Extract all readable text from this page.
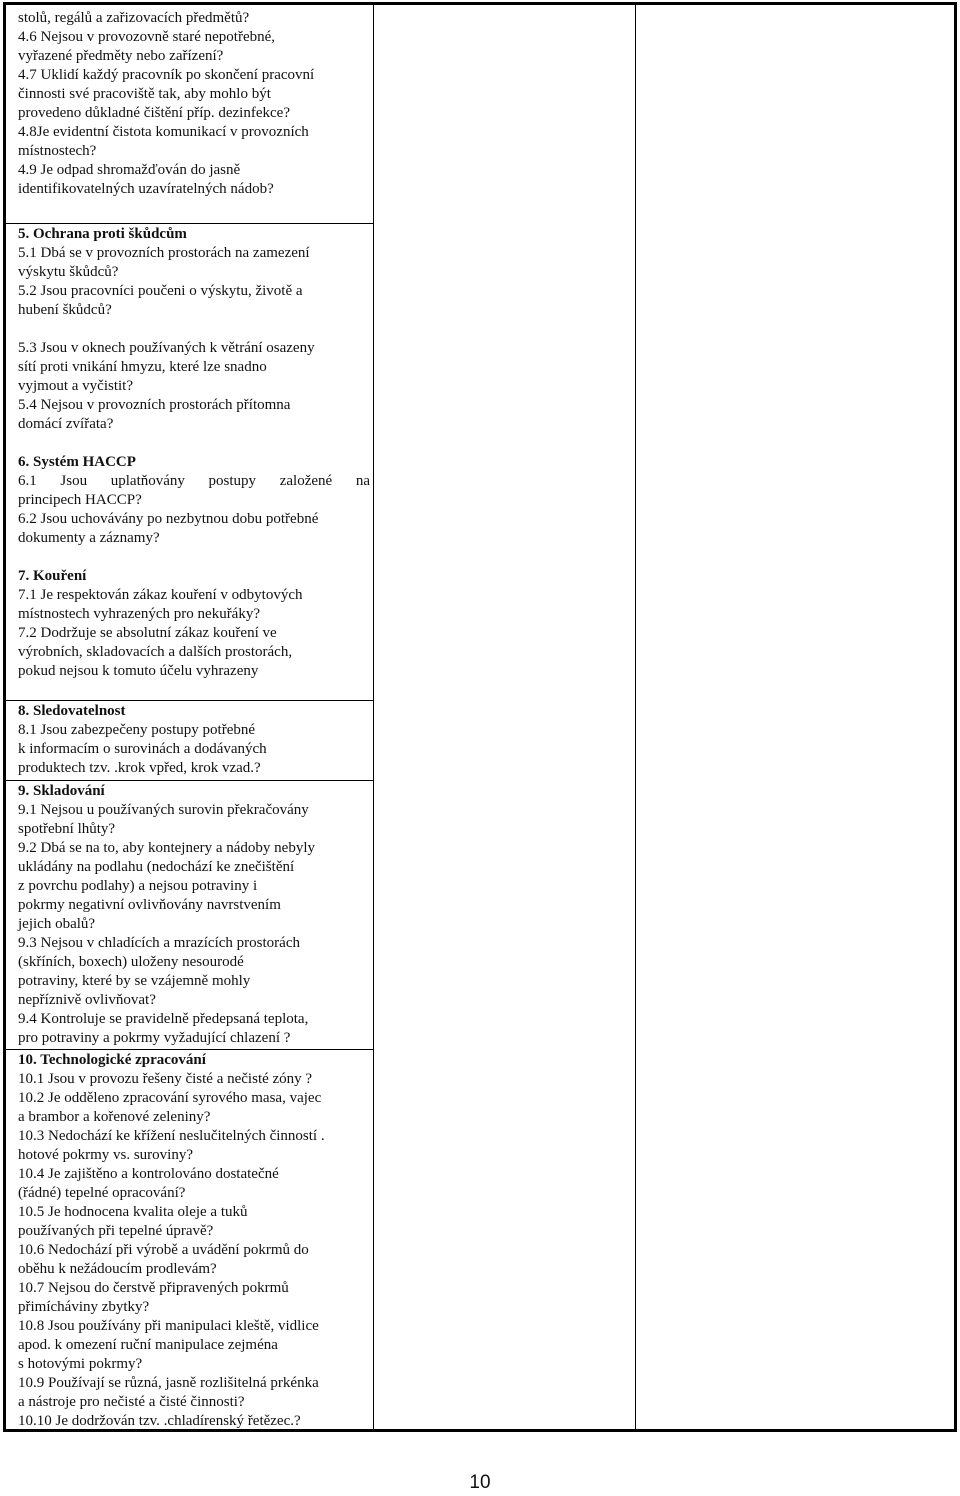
stolů, regálů a zařizovacích předmětů?

4.6 Nejsou v provozovně staré nepotřebné,

vyřazené předměty nebo zařízení?

4.7 Uklidí každý pracovník po skončení pracovní

činnosti své pracoviště tak, aby mohlo být

provedeno důkladné čištění příp. dezinfekce?

4.8Je evidentní čistota komunikací v provozních

místnostech?

4.9 Je odpad shromažďován do jasně

identifikovatelných uzavíratelných nádob?

5. Ochrana proti škůdcům

5.1 Dbá se v provozních prostorách na zamezení

výskytu škůdců?

5.2 Jsou pracovníci poučeni o výskytu, životě a

hubení škůdců?

5.3 Jsou v oknech používaných k větrání osazeny

sítí proti vnikání hmyzu, které lze snadno

vyjmout a vyčistit?

5.4 Nejsou v provozních prostorách přítomna

domácí zvířata?

6. Systém HACCP

6.1 Jsou uplatňovány postupy založené na

principech HACCP?

6.2 Jsou uchovávány po nezbytnou dobu potřebné

dokumenty a záznamy?

7. Kouření

7.1 Je respektován zákaz kouření v odbytových

místnostech vyhrazených pro nekuřáky?

7.2 Dodržuje se absolutní zákaz kouření ve

výrobních, skladovacích a dalších prostorách,

pokud nejsou k tomuto účelu vyhrazeny

8. Sledovatelnost

8.1 Jsou zabezpečeny postupy potřebné

k informacím o surovinách a dodávaných

produktech tzv. .krok vpřed, krok vzad.?

9. Skladování

9.1 Nejsou u používaných surovin překračovány

spotřební lhůty?

9.2 Dbá se na to, aby kontejnery a nádoby nebyly

ukládány na podlahu (nedochází ke znečištění

z povrchu podlahy) a nejsou potraviny i

pokrmy negativní ovlivňovány navrstvením

jejich obalů?

9.3 Nejsou v chladících a mrazících prostorách

(skříních, boxech) uloženy nesourodé

potraviny, které by se vzájemně mohly

nepříznivě ovlivňovat?

9.4 Kontroluje se pravidelně předepsaná teplota,

pro potraviny a pokrmy vyžadující chlazení ?

10. Technologické zpracování

10.1 Jsou v provozu řešeny čisté a nečisté zóny ?

10.2 Je odděleno zpracování syrového masa, vajec

a brambor a kořenové zeleniny?

10.3 Nedochází ke křížení neslučitelných činností .

hotové pokrmy vs. suroviny?

10.4 Je zajištěno a kontrolováno dostatečné

(řádné) tepelné opracování?

10.5 Je hodnocena kvalita oleje a tuků

používaných při tepelné úpravě?

10.6 Nedochází při výrobě a uvádění pokrmů do

oběhu k nežádoucím prodlevám?

10.7 Nejsou do čerstvě připravených pokrmů

přimícháviny zbytky?

10.8 Jsou používány při manipulaci kleště, vidlice

apod. k omezení ruční manipulace zejména

s hotovými pokrmy?

10.9 Používají se různá, jasně rozlišitelná prkénka

a nástroje pro nečisté a čisté činnosti?

10.10 Je dodržován tzv. .chladírenský řetězec.?

10
